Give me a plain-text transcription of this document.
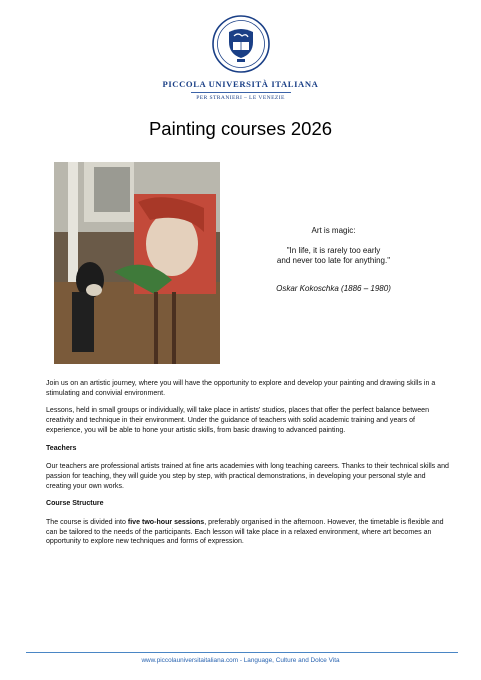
PICCOLA UNIVERSITÀ ITALIANA
PER STRANIERI – LE VENEZIE
Painting courses 2026
Art is magic:
"In life, it is rarely too early
and never too late for anything."
Oskar Kokoschka (1886 – 1980)

Join us on an artistic journey, where you will have the opportunity to explore and develop your painting and drawing skills in a stimulating and convivial environment.

Lessons, held in small groups or individually, will take place in artists' studios, places that offer the perfect balance between creativity and technique in their environment. Under the guidance of teachers with solid academic training and years of experience, you will be able to hone your artistic skills, from basic drawing to advanced painting.

Teachers

Our teachers are professional artists trained at fine arts academies with long teaching careers. Thanks to their technical skills and passion for teaching, they will guide you step by step, with practical demonstrations, in developing your personal style and creating your own works.

Course Structure

The course is divided into five two-hour sessions, preferably organised in the afternoon. However, the timetable is flexible and can be tailored to the needs of the participants. Each lesson will take place in a relaxed environment, where art becomes an opportunity to explore new techniques and forms of expression.

www.piccolauniversitaitaliana.com - Language, Culture and Dolce Vita
